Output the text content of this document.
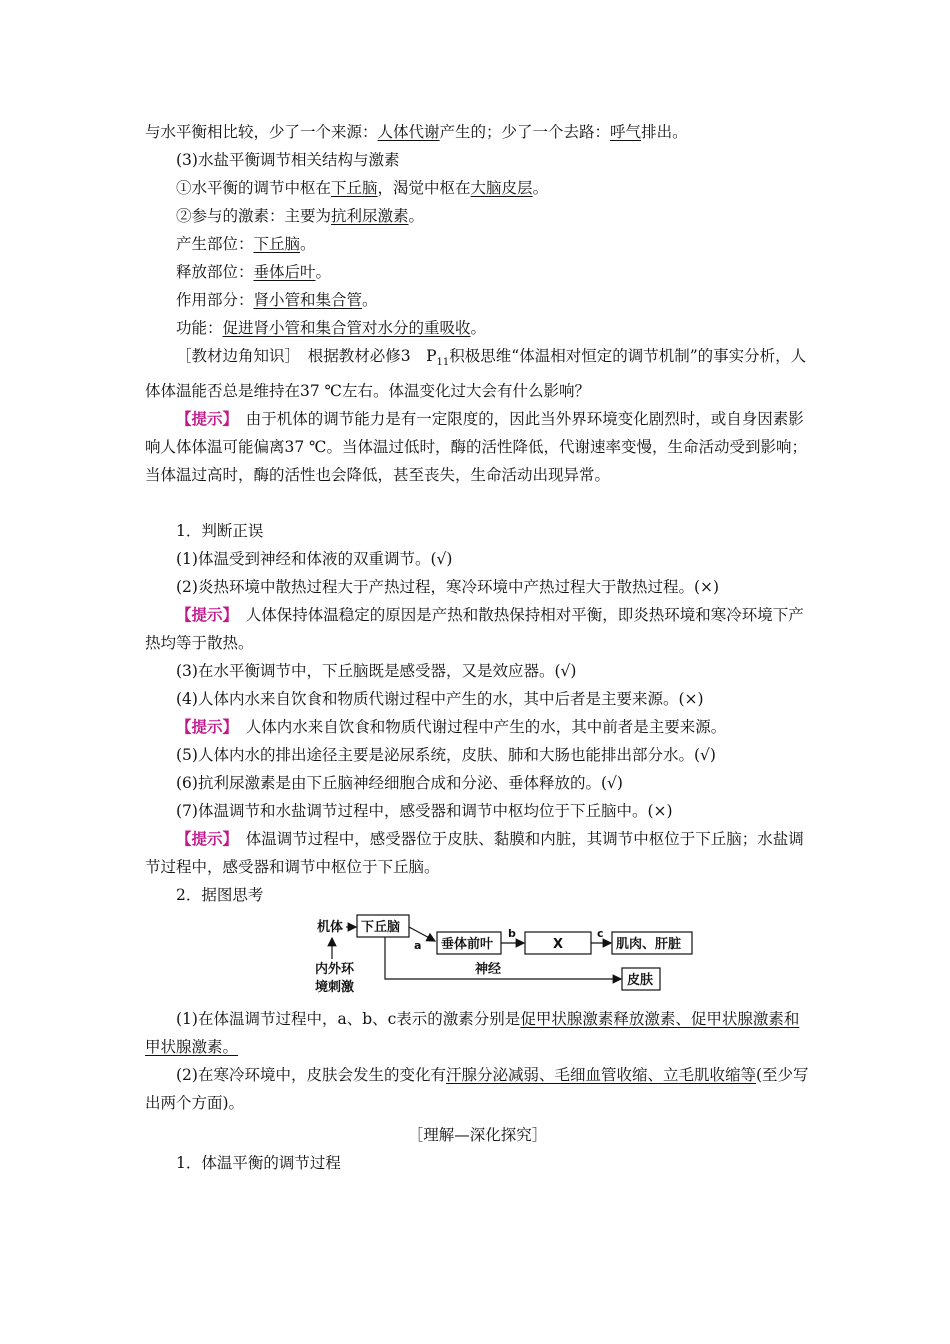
与水平衡相比较，少了一个来源：人体代谢产生的；少了一个去路：呼气排出。
(3)水盐平衡调节相关结构与激素
①水平衡的调节中枢在下丘脑，渴觉中枢在大脑皮层。
②参与的激素：主要为抗利尿激素。
产生部位：下丘脑。
释放部位：垂体后叶。
作用部分：肾小管和集合管。
功能：促进肾小管和集合管对水分的重吸收。
［教材边角知识］　根据教材必修3　$P_{11}$积极思维“体温相对恒定的调节机制”的事实分析，人体体温能否总是维持在37 ℃左右。体温变化过大会有什么影响？
【提示】　由于机体的调节能力是有一定限度的，因此当外界环境变化剧烈时，或自身因素影响人体体温可能偏离37 ℃。当体温过低时，酶的活性降低，代谢速率变慢，生命活动受到影响；当体温过高时，酶的活性也会降低，甚至丧失，生命活动出现异常。
1．判断正误
(1)体温受到神经和体液的双重调节。(√)
(2)炎热环境中散热过程大于产热过程，寒冷环境中产热过程大于散热过程。(×)
【提示】　人体保持体温稳定的原因是产热和散热保持相对平衡，即炎热环境和寒冷环境下产热均等于散热。
(3)在水平衡调节中，下丘脑既是感受器，又是效应器。(√)
(4)人体内水来自饮食和物质代谢过程中产生的水，其中后者是主要来源。(×)
【提示】　人体内水来自饮食和物质代谢过程中产生的水，其中前者是主要来源。
(5)人体内水的排出途径主要是泌尿系统，皮肤、肺和大肠也能排出部分水。(√)
(6)抗利尿激素是由下丘脑神经细胞合成和分泌、垂体释放的。(√)
(7)体温调节和水盐调节过程中，感受器和调节中枢均位于下丘脑中。(×)
【提示】　体温调节过程中，感受器位于皮肤、黏膜和内脏，其调节中枢位于下丘脑；水盐调节过程中，感受器和调节中枢位于下丘脑。
2．据图思考
机体 下丘脑
内外环
境刺激
a 垂体前叶
b
X
c
肌肉、肝脏
神经
皮肤
(1)在体温调节过程中，a、b、c表示的激素分别是促甲状腺激素释放激素、促甲状腺激素和甲状腺激素。
(2)在寒冷环境中，皮肤会发生的变化有汗腺分泌减弱、毛细血管收缩、立毛肌收缩等(至少写出两个方面)。
［理解—深化探究］
1．体温平衡的调节过程
